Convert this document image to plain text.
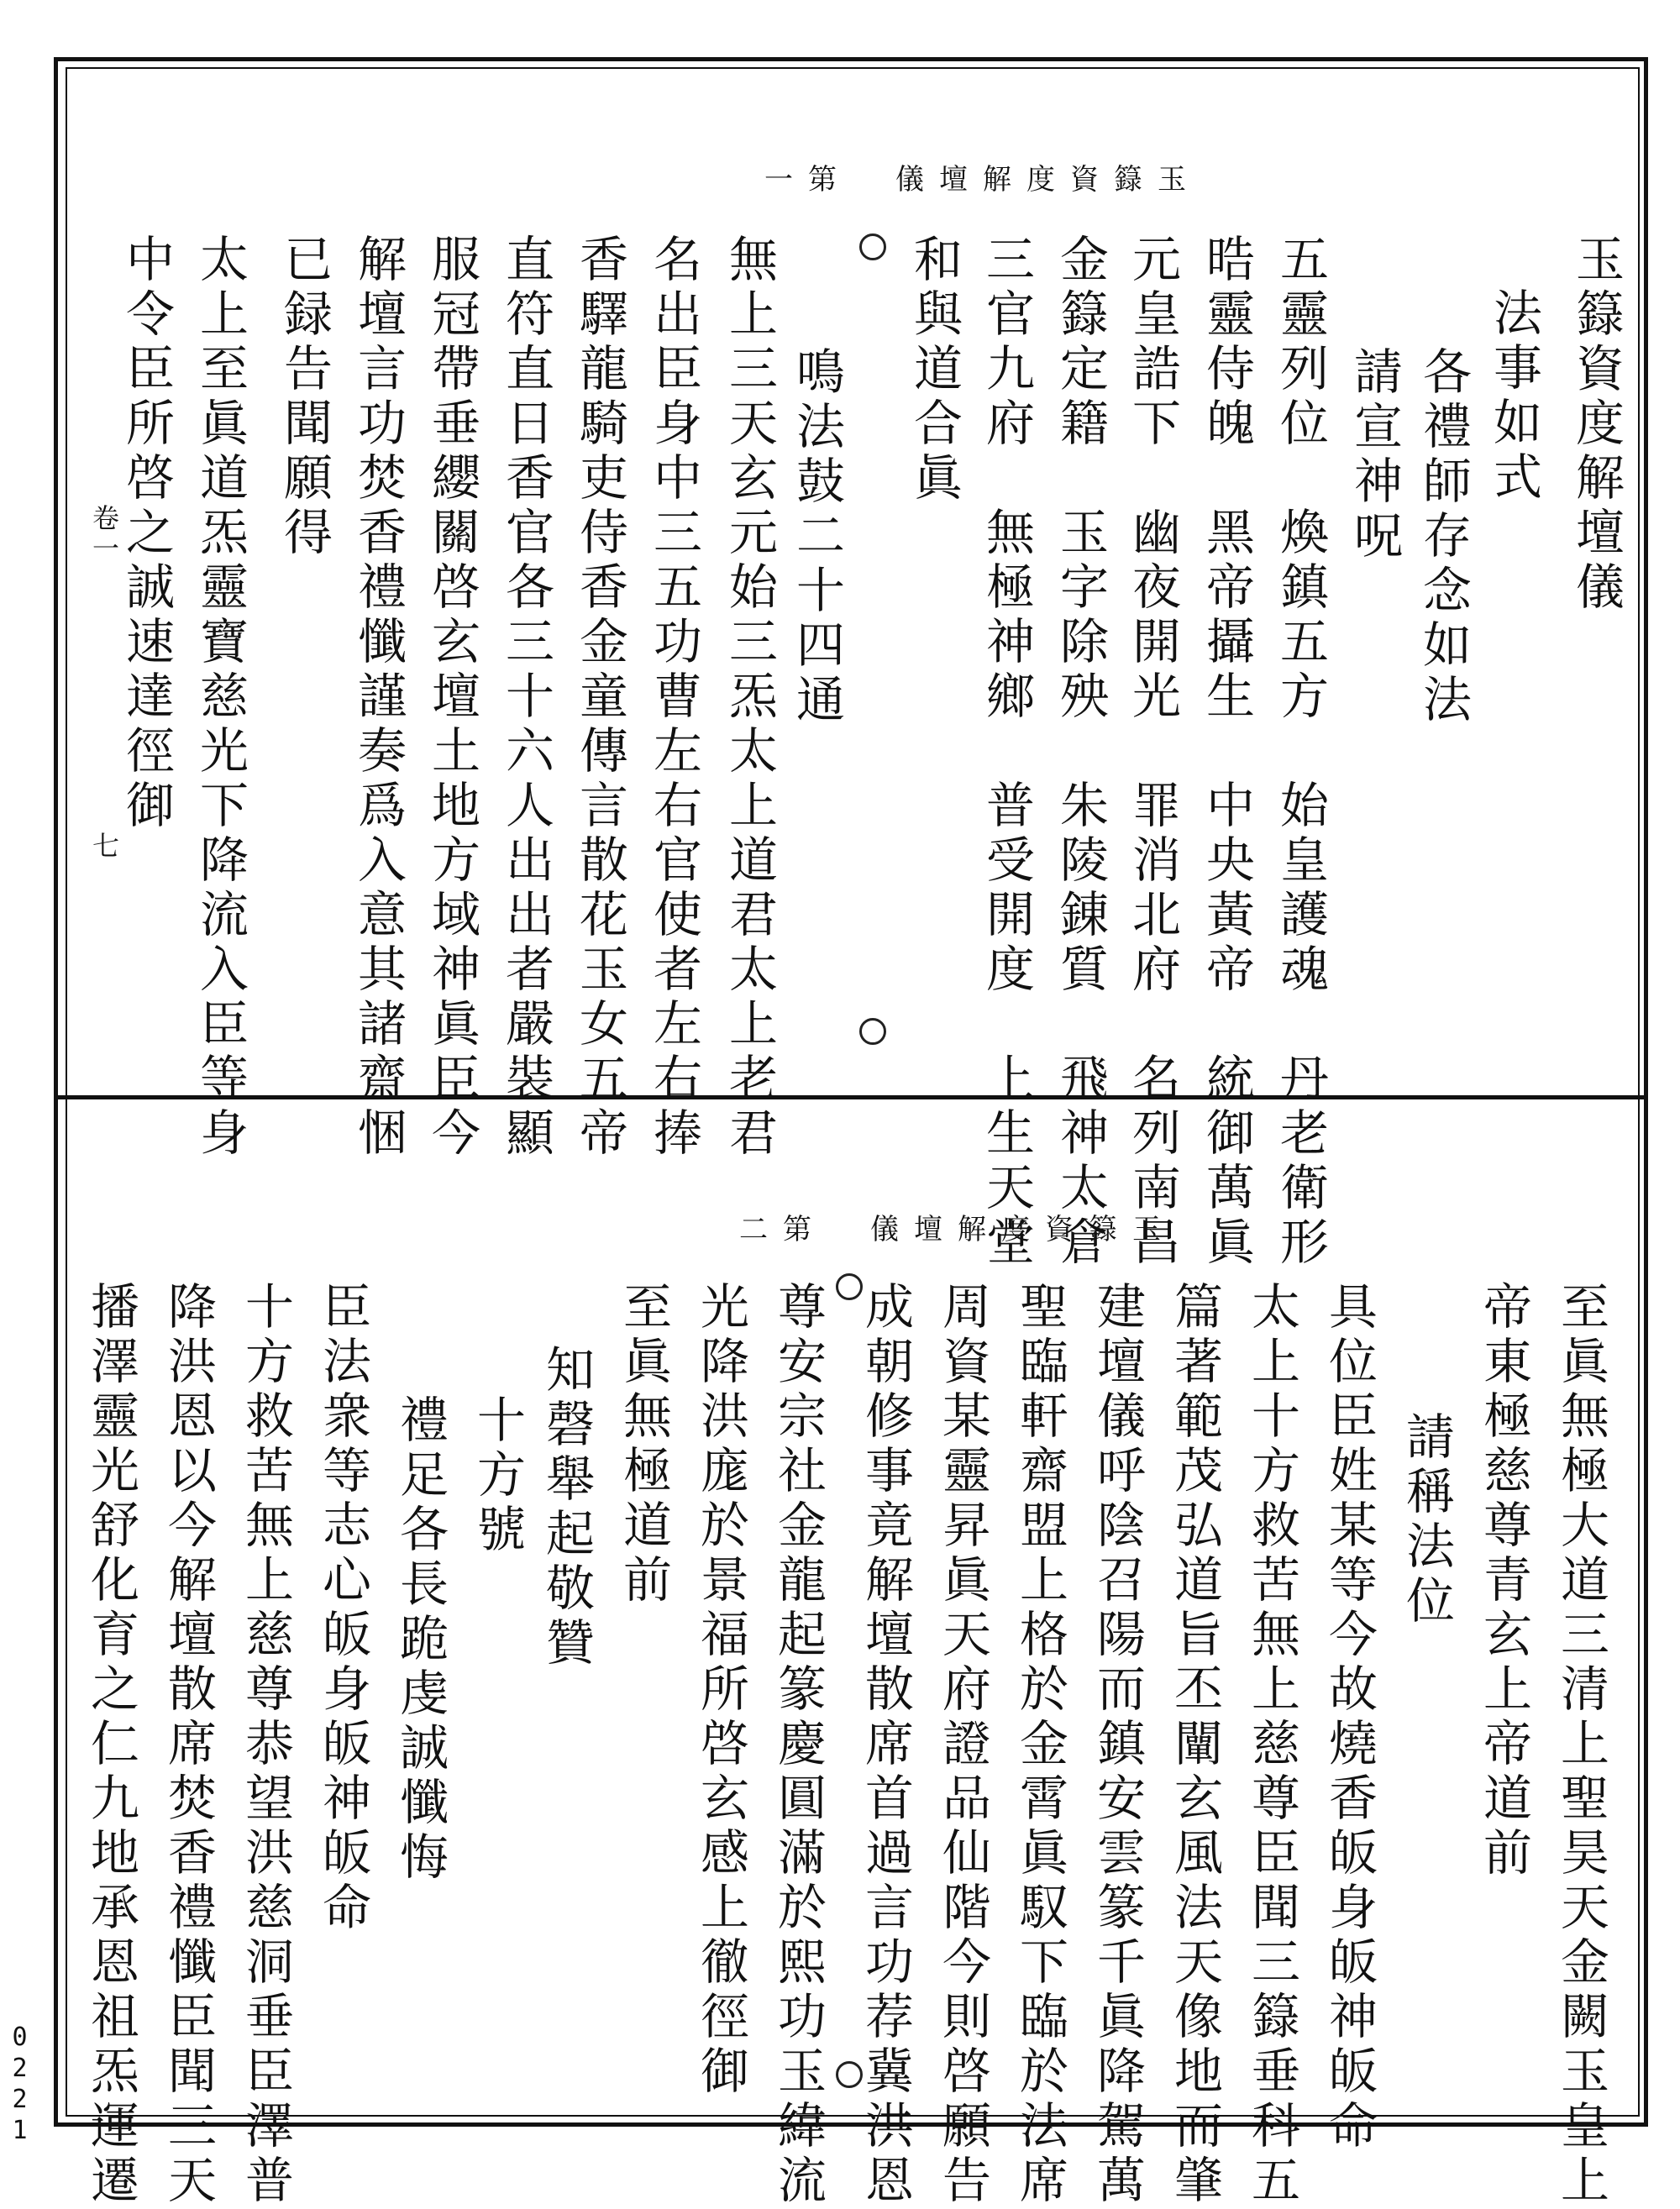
玉籙資度解壇儀　第一
玉籙資度解壇儀
法事如式
各禮師存念如法
請宣神呪
五靈列位　煥鎮五方　始皇護魂　丹老衛形
晧靈侍魄　黑帝攝生　中央黃帝　統御萬眞
元皇誥下　幽夜開光　罪消北府　名列南昌
金籙定籍　玉字除殃　朱陵錬質　飛神太倉
三官九府　無極神鄉　普受開度　上生天堂
和與道合眞
鳴法鼓二十四通
無上三天玄元始三炁太上道君太上老君
名出臣身中三五功曹左右官使者左右捧
香驛龍騎吏侍香金童傳言散花玉女五帝
直符直日香官各三十六人出出者嚴裝顯
服冠帶垂纓關啓玄壇土地方域神眞臣今
解壇言功焚香禮懺謹奏爲入意其諸齋悃
已録告聞願得
太上至眞道炁靈寶慈光下降流入臣等身
中令臣所啓之誠速達徑御
卷一
七
玉籙資度解壇儀　第二
至眞無極大道三清上聖昊天金闕玉皇上
帝東極慈尊青玄上帝道前
請稱法位
具位臣姓某等今故燒香皈身皈神皈命
太上十方救苦無上慈尊臣聞三籙垂科五
篇著範茂弘道旨丕闡玄風法天像地而肇
建壇儀呼陰召陽而鎮安雲篆千眞降駕萬
聖臨軒齋盟上格於金霄眞馭下臨於法席
周資某靈昇眞天府證品仙階今則啓願告
成朝修事竟解壇散席首過言功荐冀洪恩
尊安宗社金龍起篆慶圓滿於熙功玉緯流
光降洪庬於景福所啓玄感上徹徑御
至眞無極道前
知磬舉起敬贊
十方號
禮足各長跪虔誠懺悔
臣法衆等志心皈身皈神皈命
十方救苦無上慈尊恭望洪慈洞垂臣澤普
降洪恩以今解壇散席焚香禮懺臣聞三天
播澤靈光舒化育之仁九地承恩祖炁運遷
0221
